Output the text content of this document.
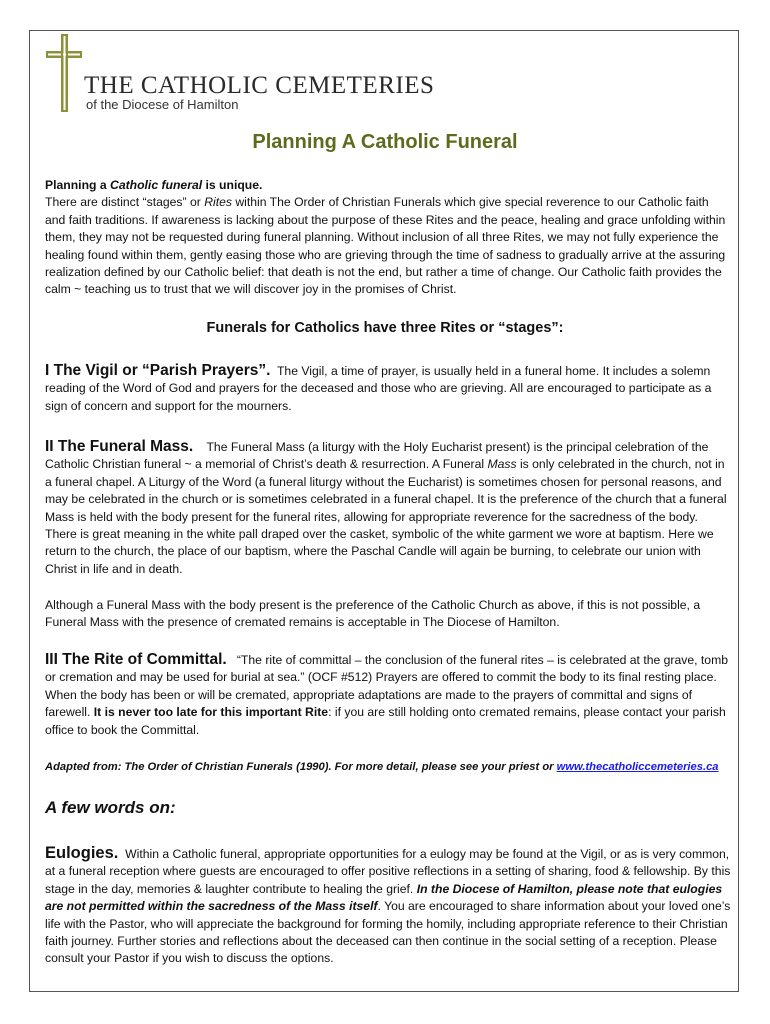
THE CATHOLIC CEMETERIES
of the Diocese of Hamilton
Planning A Catholic Funeral
Planning a Catholic funeral is unique.
There are distinct “stages” or Rites within The Order of Christian Funerals which give special reverence to our Catholic faith and faith traditions. If awareness is lacking about the purpose of these Rites and the peace, healing and grace unfolding within them, they may not be requested during funeral planning. Without inclusion of all three Rites, we may not fully experience the healing found within them, gently easing those who are grieving through the time of sadness to gradually arrive at the assuring realization defined by our Catholic belief: that death is not the end, but rather a time of change. Our Catholic faith provides the calm ~ teaching us to trust that we will discover joy in the promises of Christ.
Funerals for Catholics have three Rites or “stages”:
I The Vigil or “Parish Prayers”. The Vigil, a time of prayer, is usually held in a funeral home. It includes a solemn reading of the Word of God and prayers for the deceased and those who are grieving. All are encouraged to participate as a sign of concern and support for the mourners.
II The Funeral Mass. The Funeral Mass (a liturgy with the Holy Eucharist present) is the principal celebration of the Catholic Christian funeral ~ a memorial of Christ’s death & resurrection. A Funeral Mass is only celebrated in the church, not in a funeral chapel. A Liturgy of the Word (a funeral liturgy without the Eucharist) is sometimes chosen for personal reasons, and may be celebrated in the church or is sometimes celebrated in a funeral chapel. It is the preference of the church that a funeral Mass is held with the body present for the funeral rites, allowing for appropriate reverence for the sacredness of the body. There is great meaning in the white pall draped over the casket, symbolic of the white garment we wore at baptism. Here we return to the church, the place of our baptism, where the Paschal Candle will again be burning, to celebrate our union with Christ in life and in death.
Although a Funeral Mass with the body present is the preference of the Catholic Church as above, if this is not possible, a Funeral Mass with the presence of cremated remains is acceptable in The Diocese of Hamilton.
III The Rite of Committal. “The rite of committal – the conclusion of the funeral rites – is celebrated at the grave, tomb or cremation and may be used for burial at sea.” (OCF #512) Prayers are offered to commit the body to its final resting place. When the body has been or will be cremated, appropriate adaptations are made to the prayers of committal and signs of farewell. It is never too late for this important Rite: if you are still holding onto cremated remains, please contact your parish office to book the Committal.
Adapted from: The Order of Christian Funerals (1990). For more detail, please see your priest or www.thecatholiccemeteries.ca
A few words on:
Eulogies. Within a Catholic funeral, appropriate opportunities for a eulogy may be found at the Vigil, or as is very common, at a funeral reception where guests are encouraged to offer positive reflections in a setting of sharing, food & fellowship. By this stage in the day, memories & laughter contribute to healing the grief. In the Diocese of Hamilton, please note that eulogies are not permitted within the sacredness of the Mass itself. You are encouraged to share information about your loved one’s life with the Pastor, who will appreciate the background for forming the homily, including appropriate reference to their Christian faith journey. Further stories and reflections about the deceased can then continue in the social setting of a reception. Please consult your Pastor if you wish to discuss the options.
